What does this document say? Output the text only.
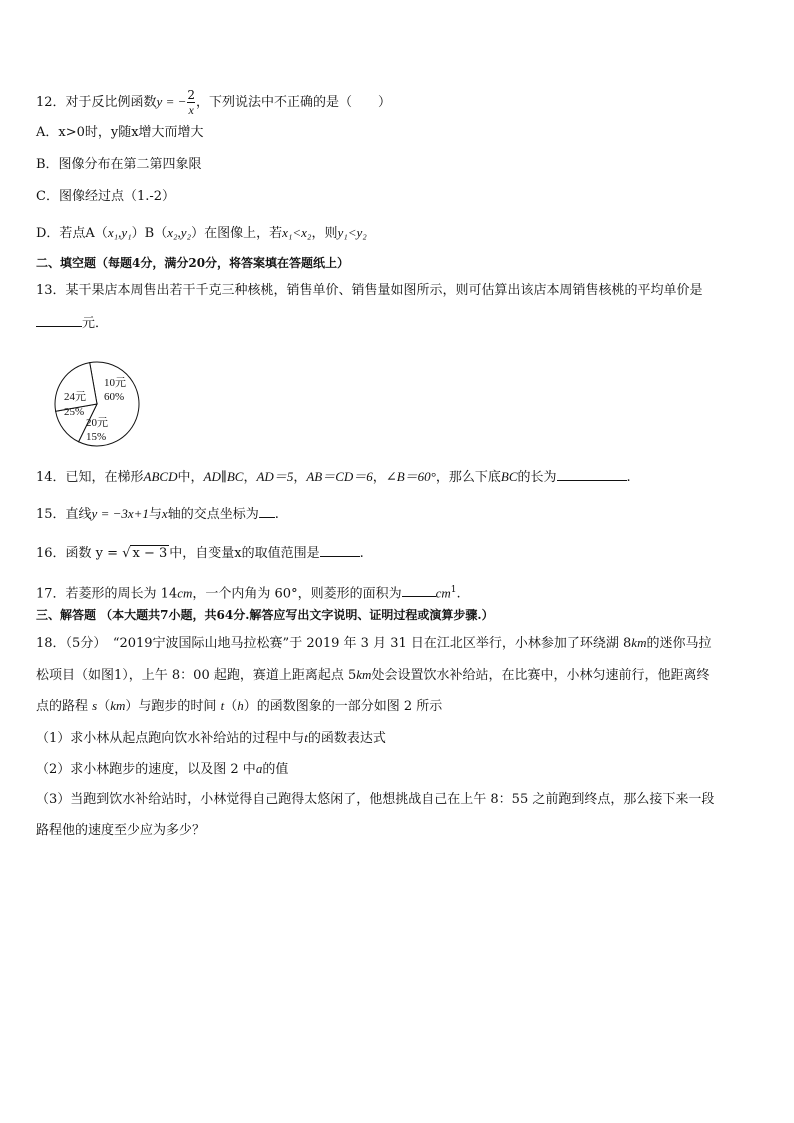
12．对于反比例函数y = − $\frac{2}{x}$ ，下列说法中不正确的是（　　）
A．x>0时，y随x增大而增大
B．图像分布在第二第四象限
C．图像经过点（1.-2）
D．若点A（x₁,y₁）B（x₂,y₂）在图像上，若x₁<x₂，则y₁<y₂
二、填空题（每题4分，满分20分，将答案填在答题纸上）
13．某干果店本周售出若干千克三种核桃，销售单价、销售量如图所示，则可估算出该店本周销售核桃的平均单价是
元．
10元
60%
24元
25%
20元
15%
14．已知，在梯形ABCD中，AD∥BC，AD＝5，AB＝CD＝6，∠B＝60°，那么下底BC的长为	.
15．直线y = −3x+1与x轴的交点坐标为 .
16．函数 y = √ x − 3 中，自变量x的取值范围是	.
17．若菱形的周长为 14cm，一个内角为 60°，则菱形的面积为	$cm^1$.
三、解答题 （本大题共7小题，共64分.解答应写出文字说明、证明过程或演算步骤.）
18．（5分）　“2019宁波国际山地马拉松赛”于 2019 年 3 月 31 日在江北区举行，小林参加了环绕湖 8km的迷你马拉
松项目（如图1），上午 8：00 起跑，赛道上距离起点 5km处会设置饮水补给站，在比赛中，小林匀速前行，他距离终
点的路程 s（km）与跑步的时间 t（h）的函数图象的一部分如图 2 所示
（1）求小林从起点跑向饮水补给站的过程中与t的函数表达式
（2）求小林跑步的速度，以及图 2 中a的值
（3）当跑到饮水补给站时，小林觉得自己跑得太悠闲了，他想挑战自己在上午 8：55 之前跑到终点，那么接下来一段
路程他的速度至少应为多少？
